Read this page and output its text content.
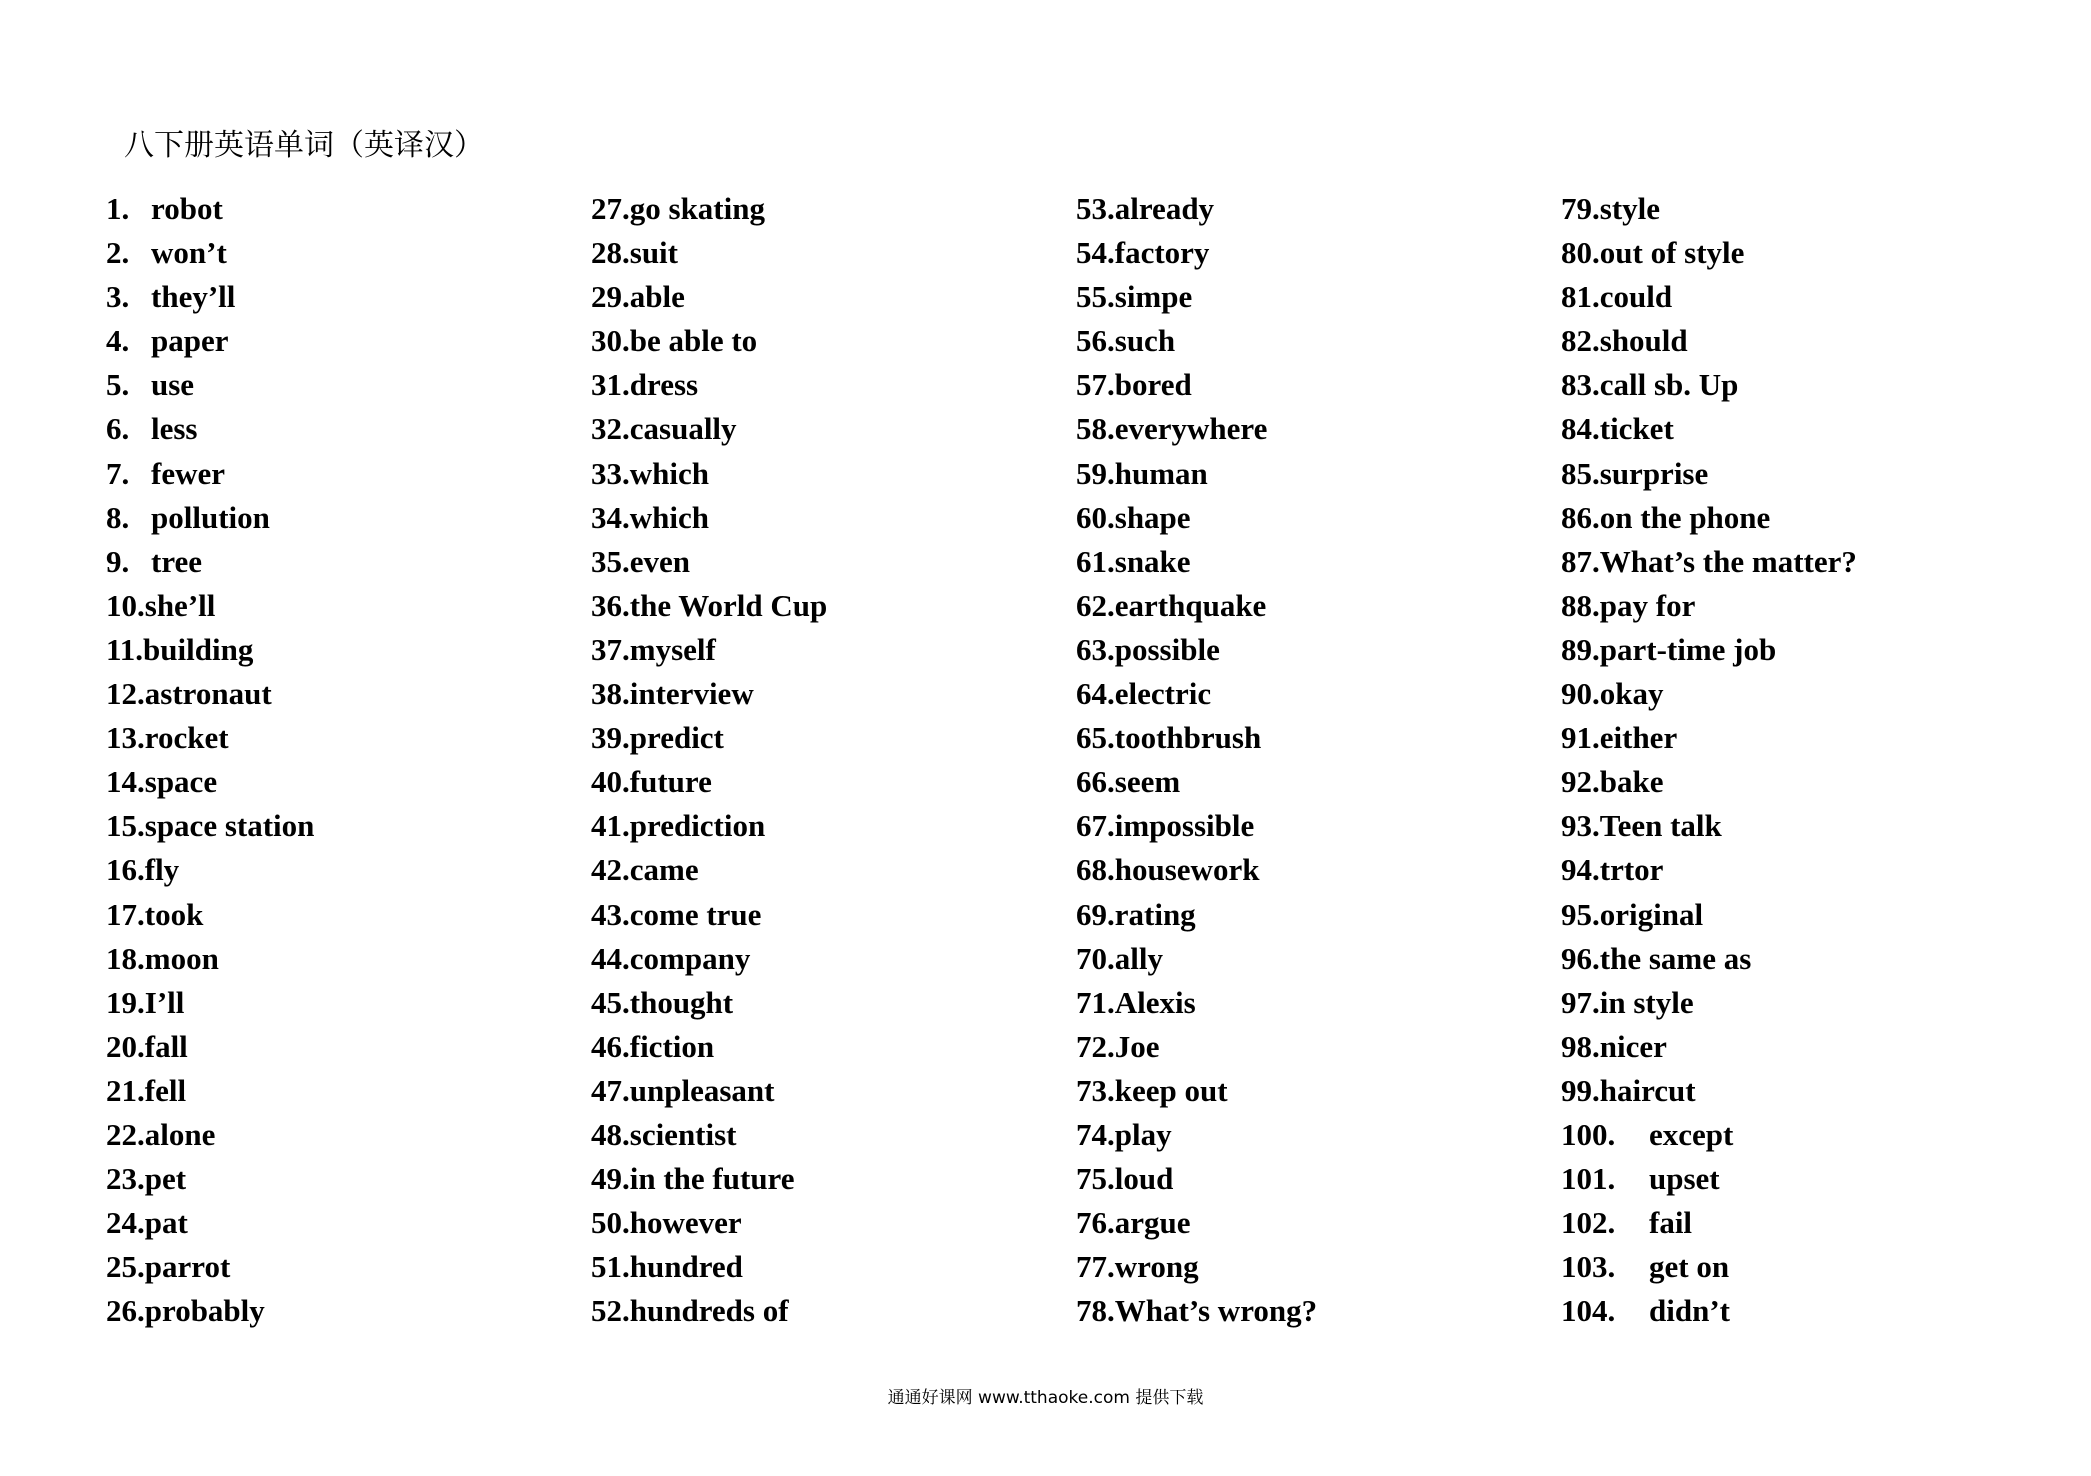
八下册英语单词（英译汉）
1. robot
2. won’t
3. they’ll
4. paper
5. use
6. less
7. fewer
8. pollution
9. tree
10. she’ll
11. building
12. astronaut
13. rocket
14. space
15. space station
16. fly
17. took
18. moon
19. I’ll
20. fall
21. fell
22. alone
23. pet
24. pat
25. parrot
26. probably
27. go skating
28. suit
29. able
30. be able to
31. dress
32. casually
33. which
34. which
35. even
36. the World Cup
37. myself
38. interview
39. predict
40. future
41. prediction
42. came
43. come true
44. company
45. thought
46. fiction
47. unpleasant
48. scientist
49. in the future
50. however
51. hundred
52. hundreds of
53. already
54. factory
55. simpe
56. such
57. bored
58. everywhere
59. human
60. shape
61. snake
62. earthquake
63. possible
64. electric
65. toothbrush
66. seem
67. impossible
68. housework
69. rating
70. ally
71. Alexis
72. Joe
73. keep out
74. play
75. loud
76. argue
77. wrong
78. What’s wrong?
79. style
80. out of style
81. could
82. should
83. call sb. Up
84. ticket
85. surprise
86. on the phone
87. What’s the matter?
88. pay for
89. part-time job
90. okay
91. either
92. bake
93. Teen talk
94. trtor
95. original
96. the same as
97. in style
98. nicer
99. haircut
100.	except
101.	upset
102.	fail
103.	get on
104.	didn’t
通通好课网 www.tthaoke.com 提供下载
